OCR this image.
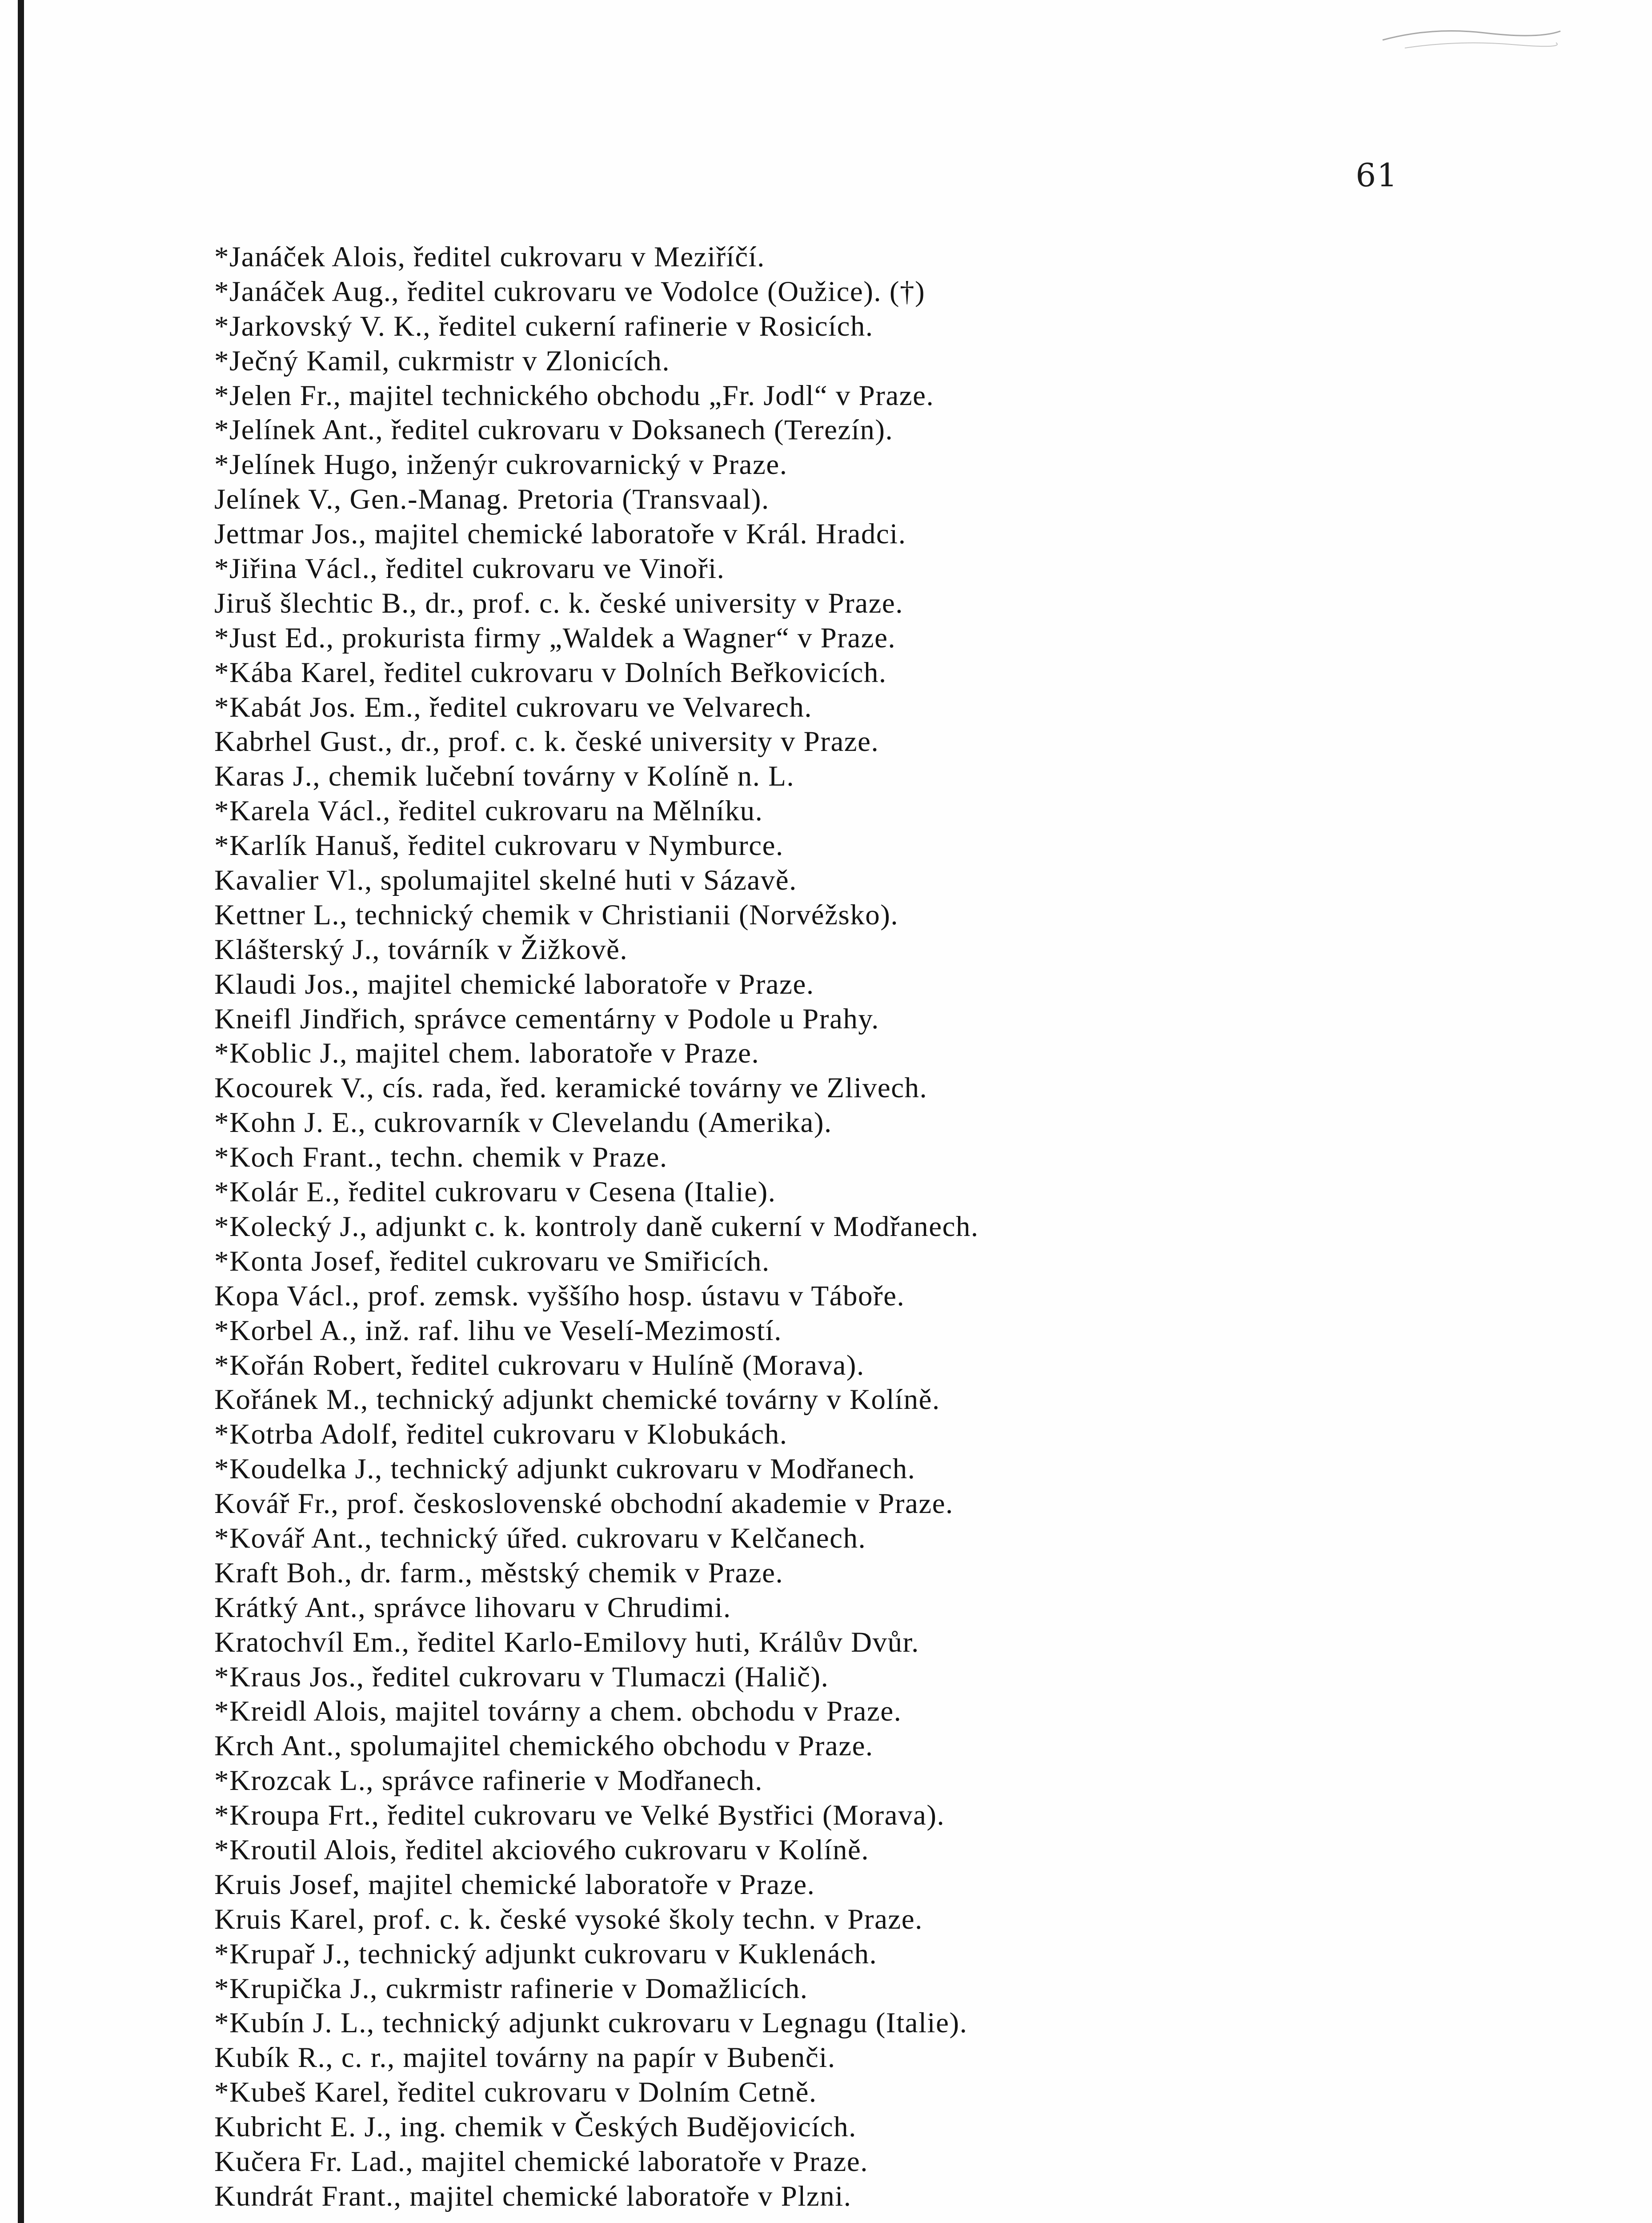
61
*Janáček Alois, ředitel cukrovaru v Meziříčí.
*Janáček Aug., ředitel cukrovaru ve Vodolce (Oužice). (†)
*Jarkovský V. K., ředitel cukerní rafinerie v Rosicích.
*Ječný Kamil, cukrmistr v Zlonicích.
*Jelen Fr., majitel technického obchodu „Fr. Jodl“ v Praze.
*Jelínek Ant., ředitel cukrovaru v Doksanech (Terezín).
*Jelínek Hugo, inženýr cukrovarnický v Praze.
Jelínek V., Gen.-Manag. Pretoria (Transvaal).
Jettmar Jos., majitel chemické laboratoře v Král. Hradci.
*Jiřina Václ., ředitel cukrovaru ve Vinoři.
Jiruš šlechtic B., dr., prof. c. k. české university v Praze.
*Just Ed., prokurista firmy „Waldek a Wagner“ v Praze.
*Kába Karel, ředitel cukrovaru v Dolních Beřkovicích.
*Kabát Jos. Em., ředitel cukrovaru ve Velvarech.
Kabrhel Gust., dr., prof. c. k. české university v Praze.
Karas J., chemik lučební továrny v Kolíně n. L.
*Karela Václ., ředitel cukrovaru na Mělníku.
*Karlík Hanuš, ředitel cukrovaru v Nymburce.
Kavalier Vl., spolumajitel skelné huti v Sázavě.
Kettner L., technický chemik v Christianii (Norvéžsko).
Klášterský J., továrník v Žižkově.
Klaudi Jos., majitel chemické laboratoře v Praze.
Kneifl Jindřich, správce cementárny v Podole u Prahy.
*Koblic J., majitel chem. laboratoře v Praze.
Kocourek V., cís. rada, řed. keramické továrny ve Zlivech.
*Kohn J. E., cukrovarník v Clevelandu (Amerika).
*Koch Frant., techn. chemik v Praze.
*Kolár E., ředitel cukrovaru v Cesena (Italie).
*Kolecký J., adjunkt c. k. kontroly daně cukerní v Modřanech.
*Konta Josef, ředitel cukrovaru ve Smiřicích.
Kopa Václ., prof. zemsk. vyššího hosp. ústavu v Táboře.
*Korbel A., inž. raf. lihu ve Veselí-Mezimostí.
*Kořán Robert, ředitel cukrovaru v Hulíně (Morava).
Kořánek M., technický adjunkt chemické továrny v Kolíně.
*Kotrba Adolf, ředitel cukrovaru v Klobukách.
*Koudelka J., technický adjunkt cukrovaru v Modřanech.
Kovář Fr., prof. československé obchodní akademie v Praze.
*Kovář Ant., technický úřed. cukrovaru v Kelčanech.
Kraft Boh., dr. farm., městský chemik v Praze.
Krátký Ant., správce lihovaru v Chrudimi.
Kratochvíl Em., ředitel Karlo-Emilovy huti, Králův Dvůr.
*Kraus Jos., ředitel cukrovaru v Tlumaczi (Halič).
*Kreidl Alois, majitel továrny a chem. obchodu v Praze.
Krch Ant., spolumajitel chemického obchodu v Praze.
*Krozcak L., správce rafinerie v Modřanech.
*Kroupa Frt., ředitel cukrovaru ve Velké Bystřici (Morava).
*Kroutil Alois, ředitel akciového cukrovaru v Kolíně.
Kruis Josef, majitel chemické laboratoře v Praze.
Kruis Karel, prof. c. k. české vysoké školy techn. v Praze.
*Krupař J., technický adjunkt cukrovaru v Kuklenách.
*Krupička J., cukrmistr rafinerie v Domažlicích.
*Kubín J. L., technický adjunkt cukrovaru v Legnagu (Italie).
Kubík R., c. r., majitel továrny na papír v Bubenči.
*Kubeš Karel, ředitel cukrovaru v Dolním Cetně.
Kubricht E. J., ing. chemik v Českých Budějovicích.
Kučera Fr. Lad., majitel chemické laboratoře v Praze.
Kundrát Frant., majitel chemické laboratoře v Plzni.
